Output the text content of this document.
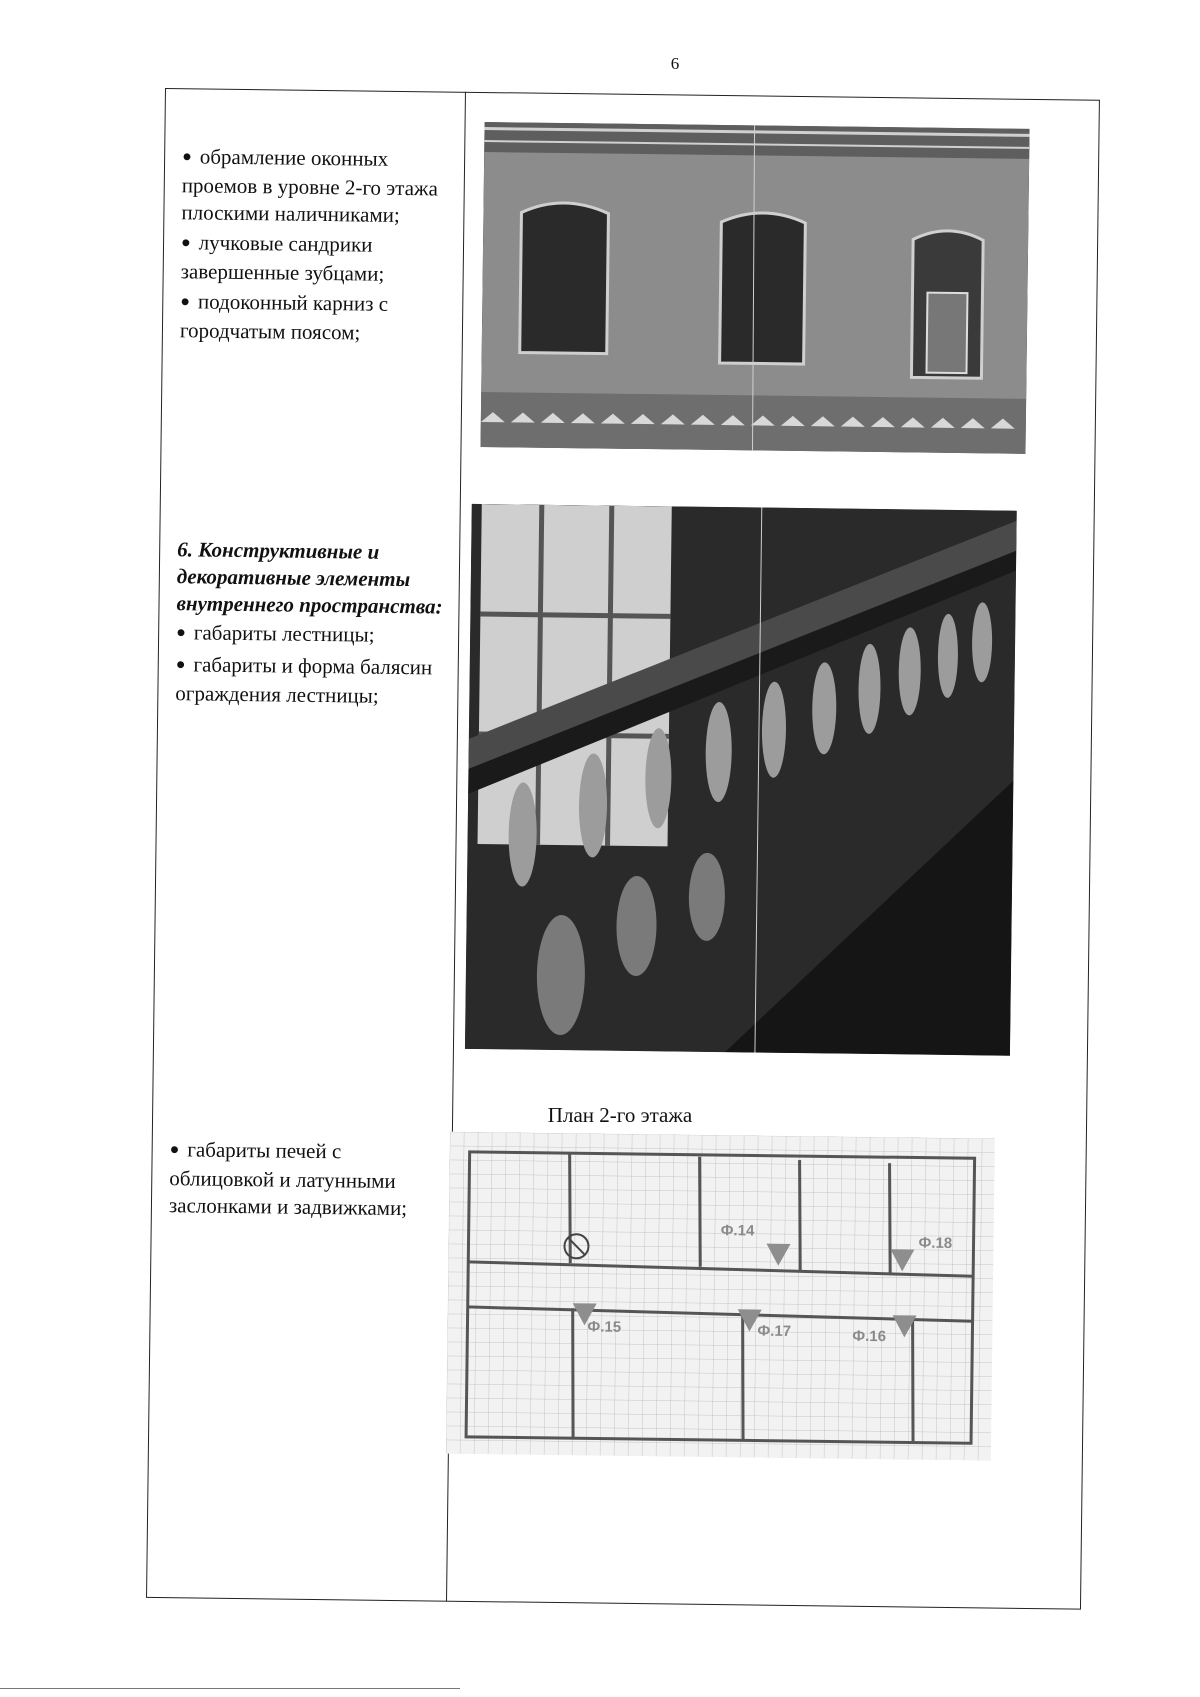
6

● обрамление оконных проемов в уровне 2-го этажа плоскими наличниками;

● лучковые сандрики завершенные зубцами;

● подоконный карниз с городчатым поясом;

6. Конструктивные и декоративные элементы внутреннего пространства:

● габариты лестницы;

● габариты и форма балясин ограждения лестницы;

● габариты печей с облицовкой и латунными заслонками и задвижками;

Ф.14
Ф.15
Ф.16
Ф.17
Ф.18
План 2-го этажа
